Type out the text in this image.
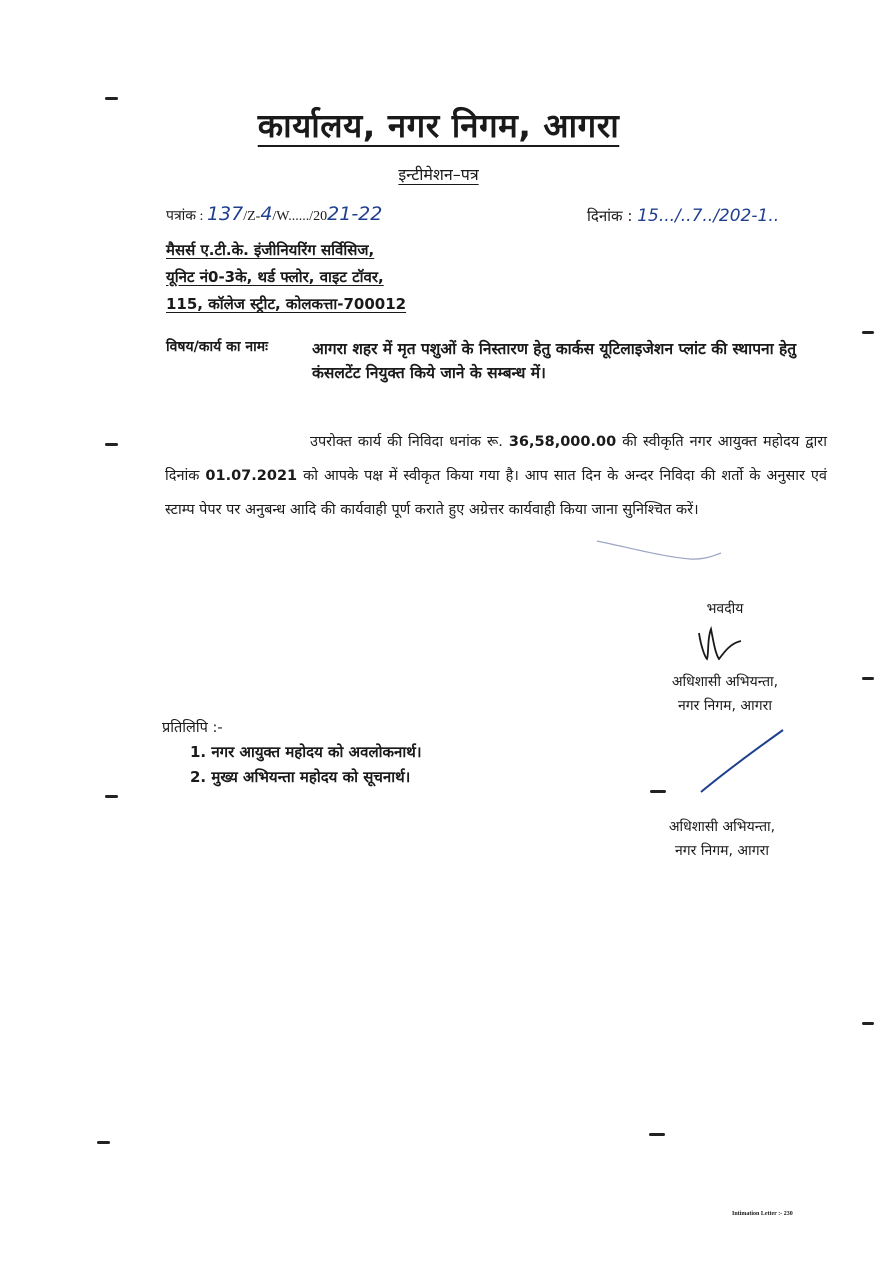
कार्यालय, नगर निगम, आगरा
इन्टीमेशन–पत्र
पत्रांक : 137/Z-4/W....../2021-22	दिनांक : 15.../..7../202-1..
मैसर्स ए.टी.के. इंजीनियरिंग सर्विसिज,
यूनिट नं0-3के, थर्ड फ्लोर, वाइट टॉवर,
115, कॉलेज स्ट्रीट, कोलकत्ता-700012
विषय/कार्य का नामः	आगरा शहर में मृत पशुओं के निस्तारण हेतु कार्कस यूटिलाइजेशन प्लांट की स्थापना हेतु कंसलटेंट नियुक्त किये जाने के सम्बन्ध में।
उपरोक्त कार्य की निविदा धनांक रू. 36,58,000.00 की स्वीकृति नगर आयुक्त महोदय द्वारा दिनांक 01.07.2021 को आपके पक्ष में स्वीकृत किया गया है। आप सात दिन के अन्दर निविदा की शर्तो के अनुसार एवं स्टाम्प पेपर पर अनुबन्ध आदि की कार्यवाही पूर्ण कराते हुए अग्रेत्तर कार्यवाही किया जाना सुनिश्चित करें।
भवदीय
अधिशासी अभियन्ता,
नगर निगम, आगरा
प्रतिलिपि :-
1. नगर आयुक्त महोदय को अवलोकनार्थ।
2. मुख्य अभियन्ता महोदय को सूचनार्थ।
अधिशासी अभियन्ता,
नगर निगम, आगरा
Intimation Letter :- 230
